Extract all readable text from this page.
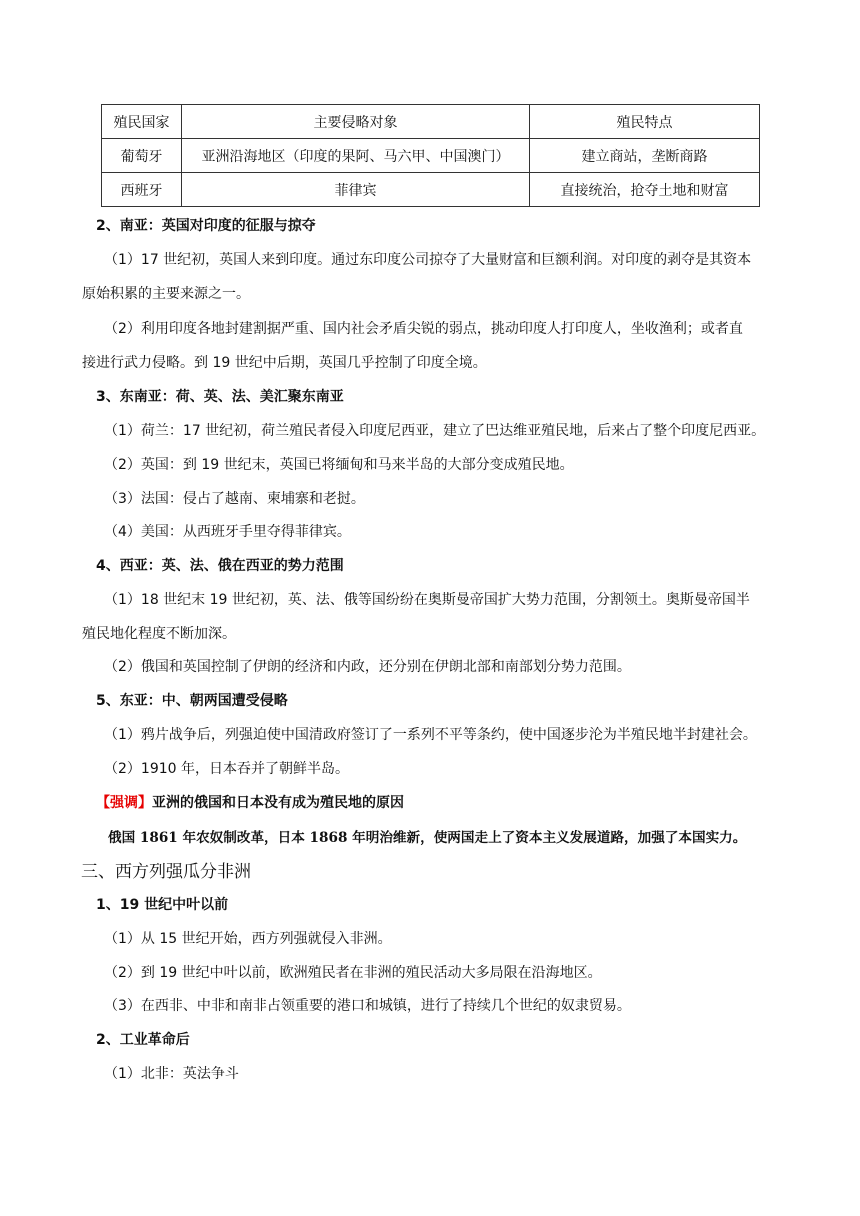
殖民国家	主要侵略对象	殖民特点
葡萄牙	亚洲沿海地区（印度的果阿、马六甲、中国澳门）	建立商站，垄断商路
西班牙	菲律宾	直接统治，抢夺土地和财富
2、南亚：英国对印度的征服与掠夺
（1）17 世纪初，英国人来到印度。通过东印度公司掠夺了大量财富和巨额利润。对印度的剥夺是其资本
原始积累的主要来源之一。
（2）利用印度各地封建割据严重、国内社会矛盾尖锐的弱点，挑动印度人打印度人，坐收渔利；或者直
接进行武力侵略。到 19 世纪中后期，英国几乎控制了印度全境。
3、东南亚：荷、英、法、美汇聚东南亚
（1）荷兰：17 世纪初，荷兰殖民者侵入印度尼西亚，建立了巴达维亚殖民地，后来占了整个印度尼西亚。
（2）英国：到 19 世纪末，英国已将缅甸和马来半岛的大部分变成殖民地。
（3）法国：侵占了越南、柬埔寨和老挝。
（4）美国：从西班牙手里夺得菲律宾。
4、西亚：英、法、俄在西亚的势力范围
（1）18 世纪末 19 世纪初，英、法、俄等国纷纷在奥斯曼帝国扩大势力范围，分割领土。奥斯曼帝国半
殖民地化程度不断加深。
（2）俄国和英国控制了伊朗的经济和内政，还分别在伊朗北部和南部划分势力范围。
5、东亚：中、朝两国遭受侵略
（1）鸦片战争后，列强迫使中国清政府签订了一系列不平等条约，使中国逐步沦为半殖民地半封建社会。
（2）1910 年，日本吞并了朝鲜半岛。
【强调】亚洲的俄国和日本没有成为殖民地的原因
俄国 1861 年农奴制改革，日本 1868 年明治维新，使两国走上了资本主义发展道路，加强了本国实力。
三、西方列强瓜分非洲
1、19 世纪中叶以前
（1）从 15 世纪开始，西方列强就侵入非洲。
（2）到 19 世纪中叶以前，欧洲殖民者在非洲的殖民活动大多局限在沿海地区。
（3）在西非、中非和南非占领重要的港口和城镇，进行了持续几个世纪的奴隶贸易。
2、工业革命后
（1）北非：英法争斗
